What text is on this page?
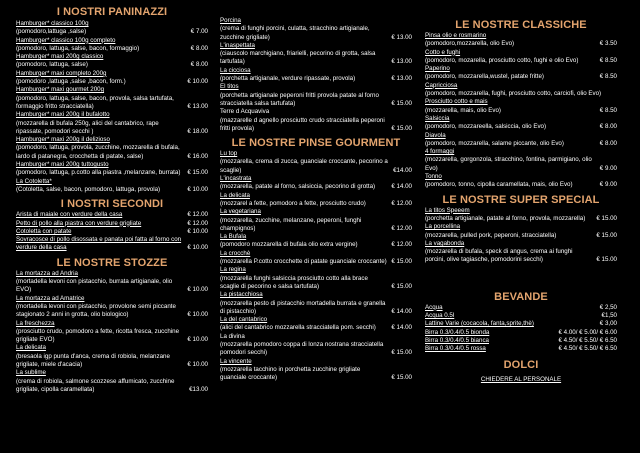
I NOSTRI PANINAZZI
Hamburger* classico 100g
(pomodoro,lattuga ,salse)	€ 7.00
Hamburger* classico 100g completo
(pomodoro, lattuga, salse, bacon, formaggio)	€ 8.00
Hamburger* maxi 200g classico
(pomodoro, lattuga, salse)	€ 8.00
Hamburger* maxi completo 200g
(pomodoro ,lattuga ,salse ,bacon, form.)	€ 10.00
Hamburger* maxi gourmet 200g
(pomodoro, lattuga, salse, bacon, provola, salsa tartufata, formaggio fritto stracciatella)	€ 13.00
Hamburger* maxi 200g il bufalotto
(mozzarella di bufala 250g, alici del cantabrico, rape ripassate, pomodori secchi )	€ 18.00
Hamburger* maxi 200g il delizioso
(pomodoro, lattuga, provola, zucchine, mozzarella di bufala, lardo di patanegra, crocchetta di patate, salse)	€ 16.00
Hamburger* maxi 200g tuttogusto
(pomodoro, lattuga, p.cotto alla piastra ,melanzane, burrata)	€ 15.00
La Cotoletta*
(Cotoletta, salse, bacon, pomodoro, lattuga, provola)	€ 10.00
I NOSTRI SECONDI
Arista di maiale con verdure della casa	€ 12.00
Petto di pollo alla piastra con verdure grigliate	€ 12.00
Cotoletta con patate	€ 10.00
Sovracosce di pollo disossata e panata poi fatta al forno con verdure della casa	€ 10.00
LE NOSTRE STOZZE
La mortazza ad Andria
(mortadella levoni con pistacchio, burrata artigianale, olio EVO)	€ 10.00
La mortazza ad Amatrice
(mortadella levoni con pistacchio, provolone semi piccante stagionato 2 anni in grotta, olio biologico)	€ 10.00
La freschezza
(prosciutto crudo, pomodoro a fette, ricotta fresca, zucchine grigliate EVO)	€ 10.00
La delicata
(bresaola igp punta d'anca, crema di robiola, melanzane grigliate, miele d'acacia)	€ 10.00
La sublime
(crema di robiola, salmone scozzese affumicato, zucchine grigliate, cipolla caramellata)	€13.00
Porcina
(crema di funghi porcini, culatta, stracchino artigianale, zucchine grigliate)	€ 13.00
L'inaspettata
(ciauscolo marchigiano, friarielli, pecorino di grotta, salsa tartufata)	€ 13.00
La cicciosa
(porchetta artigianale, verdure ripassate, provola)	€ 13.00
El titos
(porchetta artigianale peperoni fritti provola patate al forno stracciatella salsa tartufata)	€ 15.00
Terre d Acquaviva
(mazzarelle d agnello prosciutto crudo stracciatella peperoni fritti provola)	€ 15.00
LE NOSTRE PINSE GOURMENT
Lu top
(mozzarella, crema di zucca, guanciale croccante, pecorino a scaglie)	€14.00
L'incastrata
(mozzarella, patate al forno, salsiccia, pecorino di grotta)	€ 14.00
La delicata
(mozzarel a fette, pomodoro a fette, prosciutto crudo)	€ 12.00
La vegetariana
(mozzarella, zucchine, melanzane, peperoni, funghi champignos)	€ 12.00
La Bufala
(pomodoro mozzarella di bufala olio extra vergine)	€ 12.00
La crocchè
(mozzarella P.cotto crocchette di patate guanciale croccante) € 15.00
La regina
(mozzarella funghi salsiccia prosciutto cotto alla brace scaglie di pecorino e salsa tartufata)	€ 15.00
La pistacchiosa
(mozzarella pesto di pistacchio mortadella burrata e granella di pistacchio)	€ 14.00
La del cantabrico
(alici del cantabrico mozzarella stracciatella pom. secchi)	€ 14.00
La divina
(mozzarella pomodoro coppa di lonza nostrana stracciatella pomodori secchi)	€ 15.00
La vincente
(mozzarella tacchino in porchetta zucchine grigliate guanciale croccante)	€ 15.00
LE NOSTRE CLASSICHE
Pinsa olio e rosmarino
(pomodoro,mozzarella, olio Evo)	€ 3.50
Cotto e fughi
(pomodoro, mozarella, prosciutto cotto, fughi e olio Evo)	€ 8.50
Paperino
(pomodoro, mozzarella,wustel, patate fritte)	€ 8.50
Capricciosa
(pomodoro, mozzarella, fughi, prosciutto cotto, carciofi, olio Evo)
Prosciutto cotto e mais
(mozzarella, mais, olio Evo)	€ 8.50
Salsiccia
(pomodoro, mozzareella, salsiccia, olio Evo)	€ 8.00
Diavola
(pomodoro, mozzarella, salame piccante, olio Evo)	€ 8.00
4 formaggi
(mozzarella, gorgonzola, stracchino, fontina, parmigiano, olio Evo)	€ 9.00
Tonno
(pomodoro, tonno, cipolla caramellata, mais, olio Evo)	€ 9.00
LE NOSTRE SUPER SPECIAL
La titos Speeem
(porchetta artigianale, patate al forno, provola, mozzarella)	€ 15.00
La porcellina
(mozzarella, pulled pork, peperoni, stracciatella)	€ 15.00
La vagabonda
(mozzarella di bufala, speck di angus, crema ai funghi porcini, olive tagiasche, pomodorini secchi)	€ 15.00
BEVANDE
Acqua	€ 2,50
Acqua 0.5l	€1,50
Lattine Varie (cocacola, fanta,sprite,thè)	€ 3,00
Birra 0.3/0.4/0.5 bionda	€ 4.00/ € 5.00/ € 6.00
Birra 0.3/0.4/0.5 bianca	€ 4.50/ € 5.50/ € 6.50
Birra 0.3/0.4/0.5 rossa	€ 4.50/ € 5.50/ € 6.50
DOLCI
CHIEDERE AL PERSONALE
